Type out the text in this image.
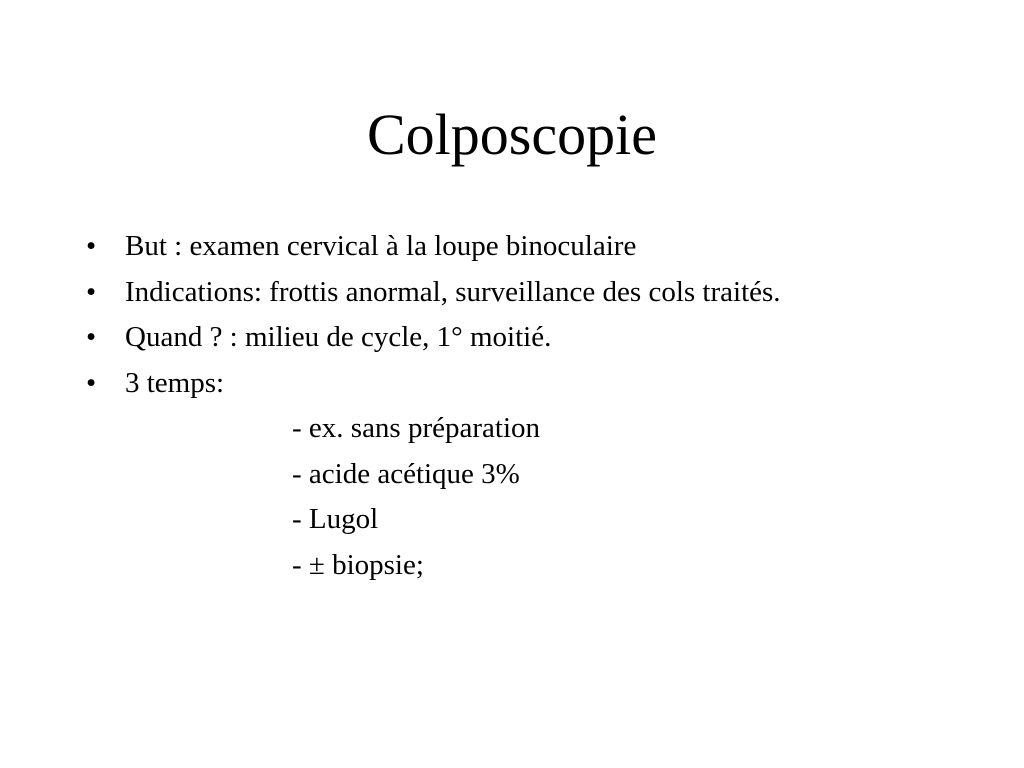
Colposcopie
• But : examen cervical à la loupe binoculaire
• Indications: frottis anormal, surveillance des cols traités.
• Quand ? : milieu de cycle, 1° moitié.
• 3 temps:
- ex. sans préparation
- acide acétique 3%
- Lugol
- ± biopsie;
